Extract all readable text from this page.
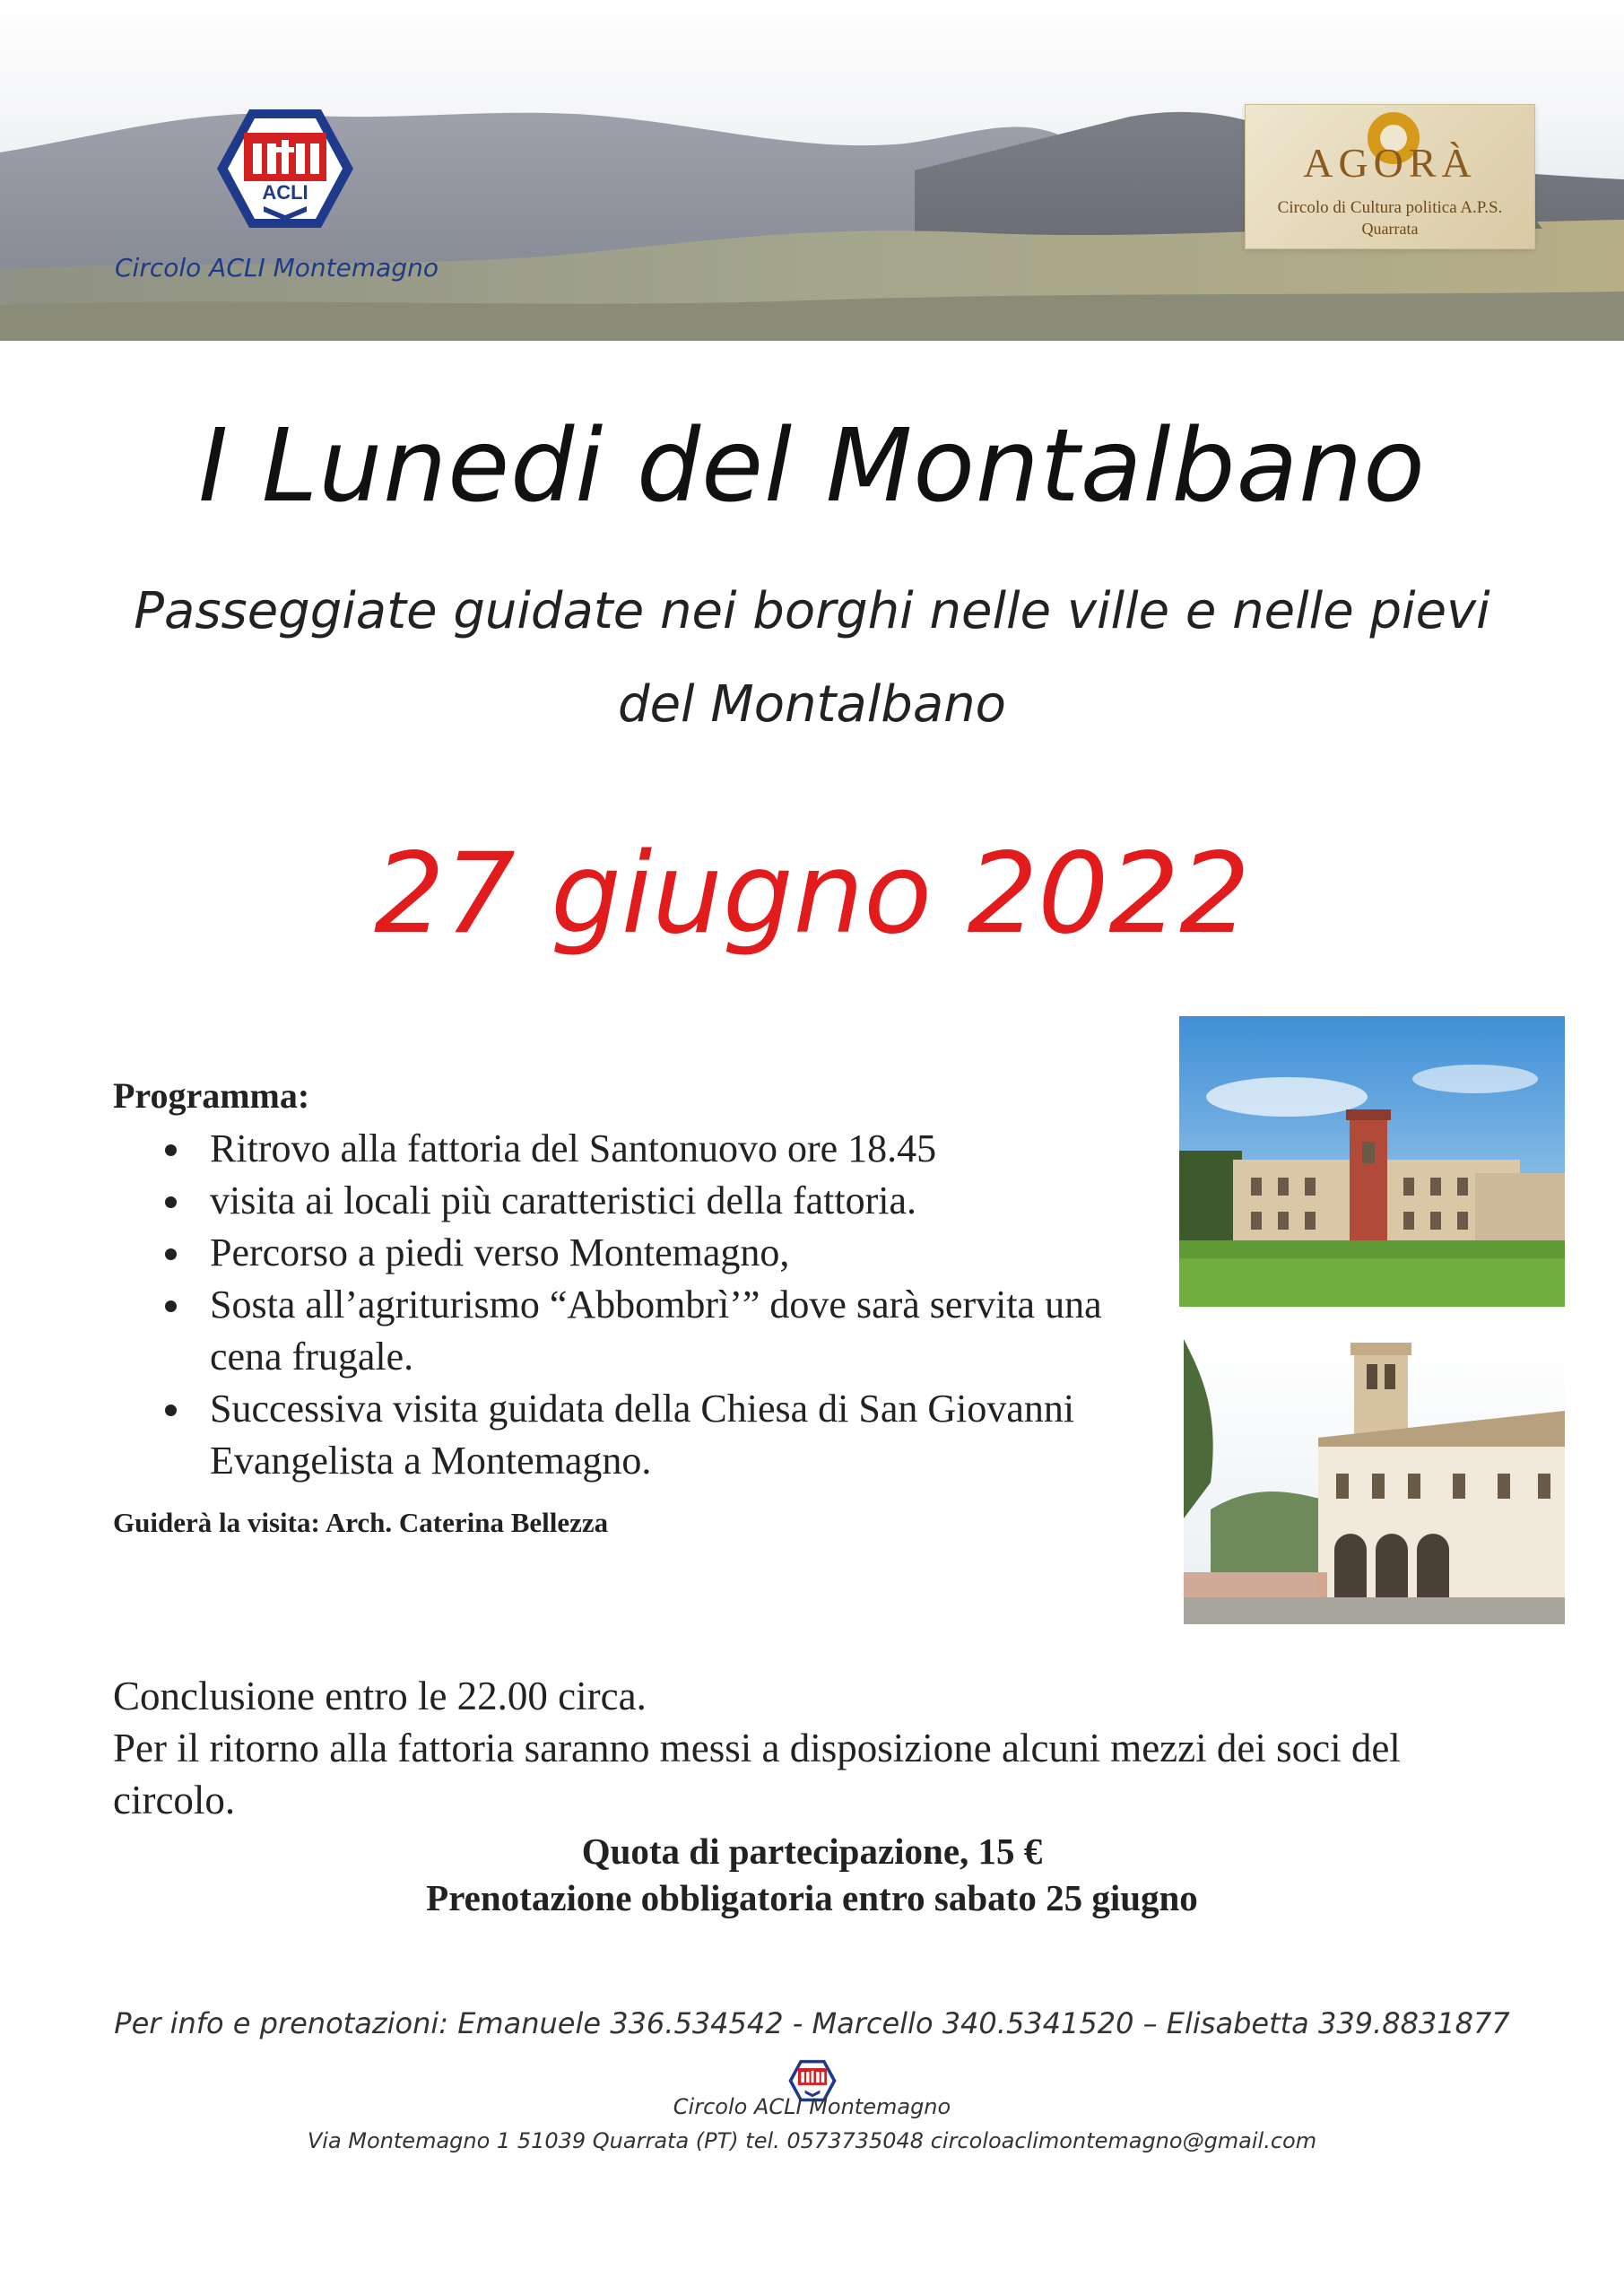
ACLI
Circolo ACLI Montemagno
AGORÀ
Circolo di Cultura politica A.P.S.
Quarrata
I Lunedi del Montalbano
Passeggiate guidate nei borghi nelle ville e nelle pievi del Montalbano
27 giugno 2022
Programma:
Ritrovo alla fattoria del Santonuovo ore 18.45
visita ai locali più caratteristici della fattoria.
Percorso a piedi verso Montemagno,
Sosta all’agriturismo “Abbombrì’” dove sarà servita una cena frugale.
Successiva visita guidata della Chiesa di San Giovanni Evangelista a Montemagno.
Guiderà la visita: Arch. Caterina Bellezza
Conclusione entro le 22.00 circa.
Per il ritorno alla fattoria saranno messi a disposizione alcuni mezzi dei soci del circolo.
Quota di partecipazione, 15 €
Prenotazione obbligatoria entro sabato 25 giugno
Per info e prenotazioni: Emanuele 336.534542 - Marcello 340.5341520 – Elisabetta 339.8831877
Circolo ACLI Montemagno
Via Montemagno 1 51039 Quarrata (PT) tel. 0573735048 circoloaclimontemagno@gmail.com
